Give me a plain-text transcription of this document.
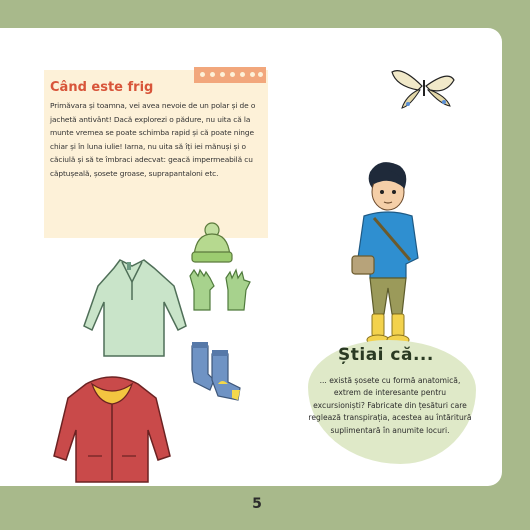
Când este frig

Primăvara și toamna, vei avea nevoie de un polar și de o jachetă antivânt! Dacă explorezi o pădure, nu uita că la munte vremea se poate schimba rapid și că poate ninge chiar și în luna iulie! Iarna, nu uita să îți iei mănuși și o căciulă și să te îmbraci adecvat: geacă impermeabilă cu căptușeală, șosete groase, suprapantaloni etc.

Știai că...

... există șosete cu formă anatomică, extrem de interesante pentru excursioniști? Fabricate din țesături care reglează transpirația, acestea au întăritură suplimentară în anumite locuri.

5
